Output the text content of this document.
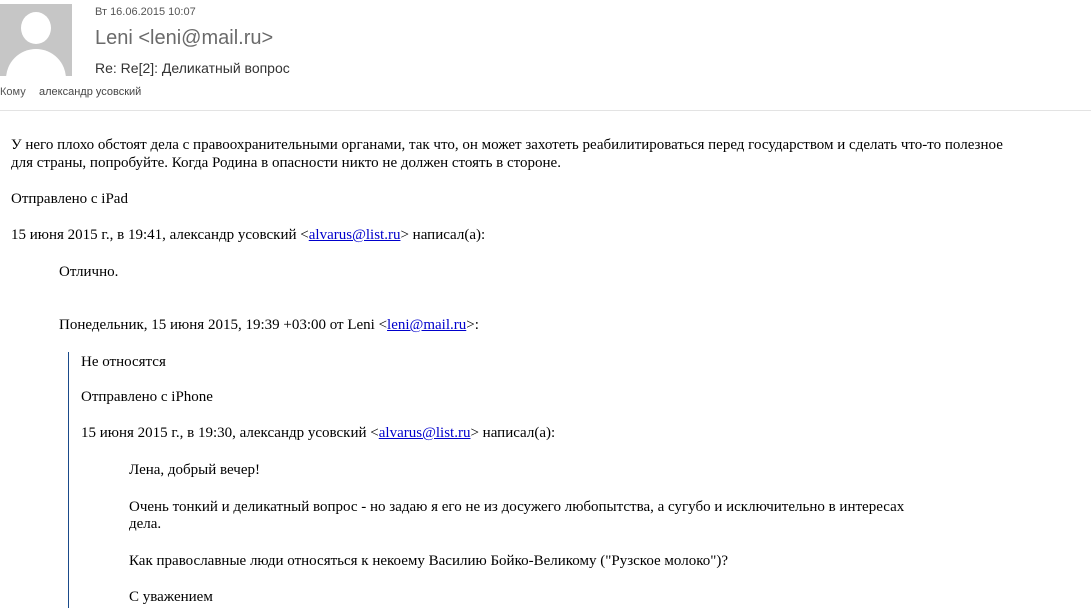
Вт 16.06.2015 10:07
Leni <leni@mail.ru>
Re: Re[2]: Деликатный вопрос
Кому александр усовский
У него плохо обстоят дела с правоохранительными органами, так что, он может захотеть реабилитироваться перед государством и сделать что-то полезное
для страны, попробуйте. Когда Родина в опасности никто не должен стоять в стороне.
Отправлено с iPad
15 июня 2015 г., в 19:41, александр усовский <alvarus@list.ru> написал(а):
Отлично.
Понедельник, 15 июня 2015, 19:39 +03:00 от Leni <leni@mail.ru>:
Не относятся
Отправлено с iPhone
15 июня 2015 г., в 19:30, александр усовский <alvarus@list.ru> написал(а):
Лена, добрый вечер!
Очень тонкий и деликатный вопрос - но задаю я его не из досужего любопытства, а сугубо и исключительно в интересах
дела.
Как православные люди относяться к некоему Василию Бойко-Великому ("Рузское молоко")?
С уважением
